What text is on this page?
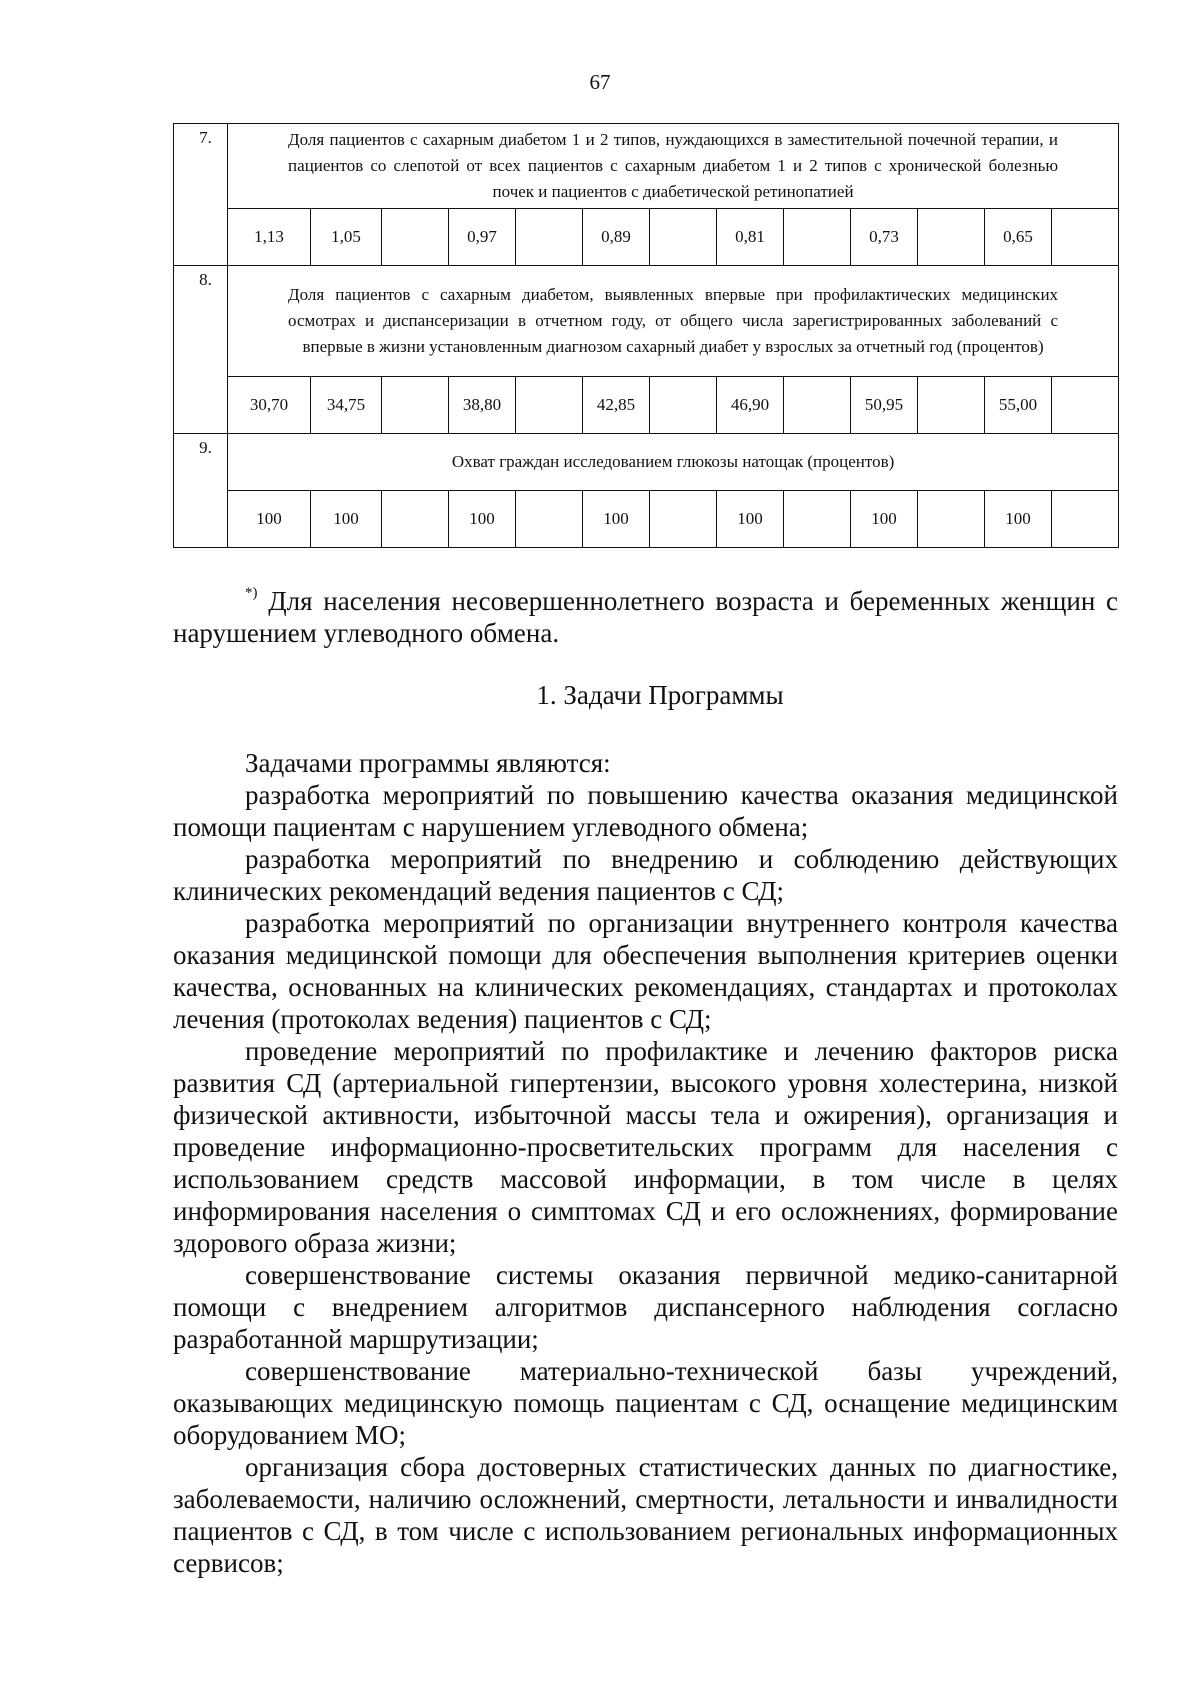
67
7.	Доля пациентов с сахарным диабетом 1 и 2 типов, нуждающихся в заместительной почечной терапии, и пациентов со слепотой от всех пациентов с сахарным диабетом 1 и 2 типов с хронической болезнью почек и пациентов с диабетической ретинопатией												
	1,13	1,05		0,97		0,89		0,81		0,73		0,65	
8.	Доля пациентов с сахарным диабетом, выявленных впервые при профилактических медицинских осмотрах и диспансеризации в отчетном году, от общего числа зарегистрированных заболеваний с впервые в жизни установленным диагнозом сахарный диабет у взрослых за отчетный год (процентов)												
	30,70	34,75		38,80		42,85		46,90		50,95		55,00	
9.	Охват граждан исследованием глюкозы натощак (процентов)												
	100	100		100		100		100		100		100	

*) Для населения несовершеннолетнего возраста и беременных женщин с нарушением углеводного обмена.

1. Задачи Программы

Задачами программы являются:

разработка мероприятий по повышению качества оказания медицинской помощи пациентам с нарушением углеводного обмена;

разработка мероприятий по внедрению и соблюдению действующих клинических рекомендаций ведения пациентов с СД;

разработка мероприятий по организации внутреннего контроля качества оказания медицинской помощи для обеспечения выполнения критериев оценки качества, основанных на клинических рекомендациях, стандартах и протоколах лечения (протоколах ведения) пациентов с СД;

проведение мероприятий по профилактике и лечению факторов риска развития СД (артериальной гипертензии, высокого уровня холестерина, низкой физической активности, избыточной массы тела и ожирения), организация и проведение информационно-просветительских программ для населения с использованием средств массовой информации, в том числе в целях информирования населения о симптомах СД и его осложнениях, формирование здорового образа жизни;

совершенствование системы оказания первичной медико-санитарной помощи с внедрением алгоритмов диспансерного наблюдения согласно разработанной маршрутизации;

совершенствование материально-технической базы учреждений, оказывающих медицинскую помощь пациентам с СД, оснащение медицинским оборудованием МО;

организация сбора достоверных статистических данных по диагностике, заболеваемости, наличию осложнений, смертности, летальности и инвалидности пациентов с СД, в том числе с использованием региональных информационных сервисов;
